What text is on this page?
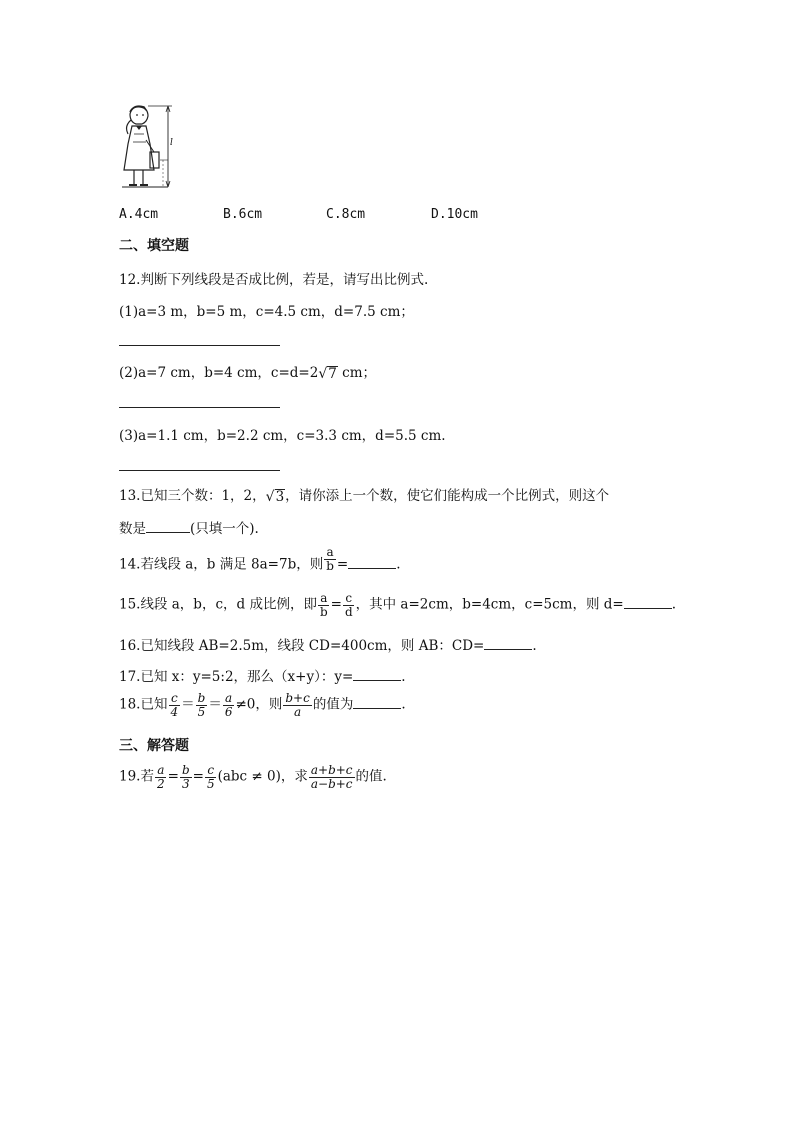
l
A.4cm	B.6cm	C.8cm	D.10cm
二、填空题
12.判断下列线段是否成比例，若是，请写出比例式.
(1)a=3 m，b=5 m，c=4.5 cm，d=7.5 cm；
(2)a=7 cm，b=4 cm，c=d=2 √ 7 cm；
(3)a=1.1 cm，b=2.2 cm，c=3.3 cm，d=5.5 cm.
13.已知三个数：1，2， √ 3 ，请你添上一个数，使它们能构成一个比例式，则这个
数是	(只填一个).
14.若线段 a，b 满足 8a=7b，则 $\frac{a}{b}$ =	.
15.线段 a，b，c，d 成比例，即 $\frac{a}{b} = \frac{c}{d}$ ，其中 a=2cm，b=4cm，c=5cm，则 d=	.
16.已知线段 AB=2.5m，线段 CD=400cm，则 AB：CD=	.
17.已知 x：y=5:2，那么（x+y）：y=	.
18.已知 $\frac{c}{4} = \frac{b}{5} = \frac{a}{6} \ne 0$，则 $\frac{b+c}{a}$ 的值为	.
三、解答题
19.若 $\frac{a}{2} = \frac{b}{3} = \frac{c}{5} (abc \ne 0)$，求 $\frac{a+b+c}{a-b+c}$ 的值.
